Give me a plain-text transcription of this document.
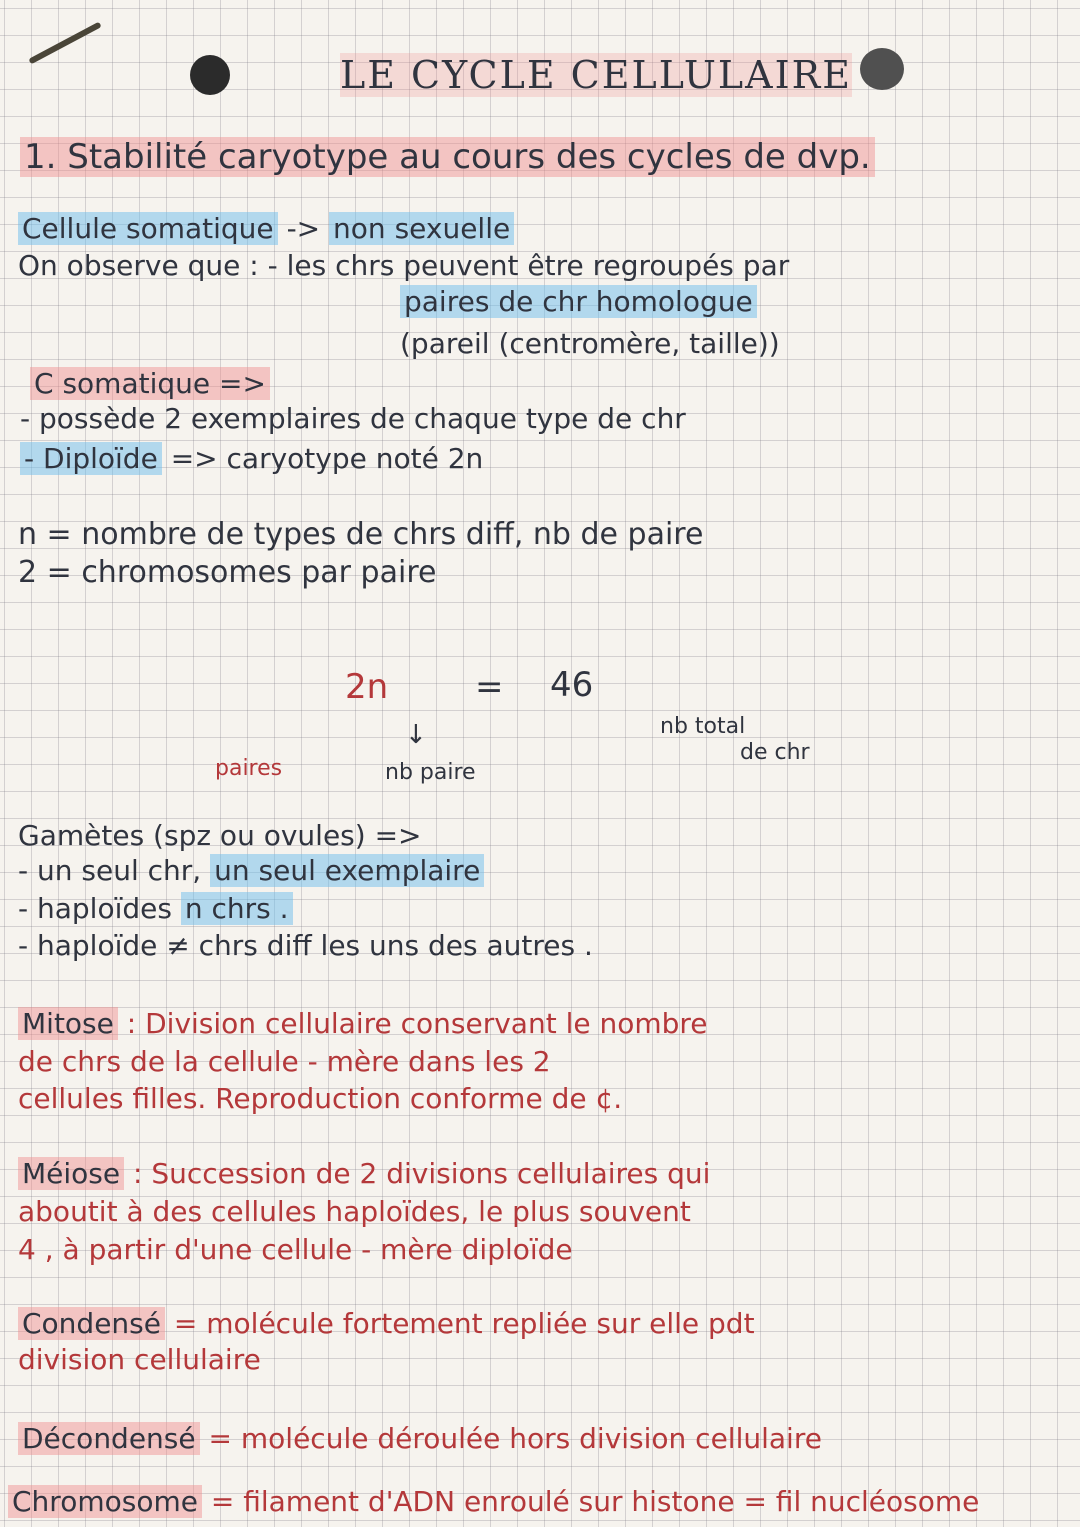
LE CYCLE CELLULAIRE
1. Stabilité caryotype au cours des cycles de dvp.
Cellule somatique -> non sexuelle
On observe que : - les chrs peuvent être regroupés par
paires de chr homologue
(pareil (centromère, taille))
C somatique =>
- possède 2 exemplaires de chaque type de chr
- Diploïde => caryotype noté 2n
n = nombre de types de chrs diff, nb de paire
2 = chromosomes par paire
2n	= 46
nb total
de chr
↓
paires	nb paire
Gamètes (spz ou ovules) =>
- un seul chr, un seul exemplaire
- haploïdes n chrs .
- haploïde ≠ chrs diff les uns des autres .
Mitose : Division cellulaire conservant le nombre
de chrs de la cellule - mère dans les 2
cellules filles. Reproduction conforme de ¢.
Méiose : Succession de 2 divisions cellulaires qui
aboutit à des cellules haploïdes, le plus souvent
4 , à partir d'une cellule - mère diploïde
Condensé = molécule fortement repliée sur elle pdt
division cellulaire
Décondensé = molécule déroulée hors division cellulaire
Chromosome = filament d'ADN enroulé sur histone = fil nucléosome
